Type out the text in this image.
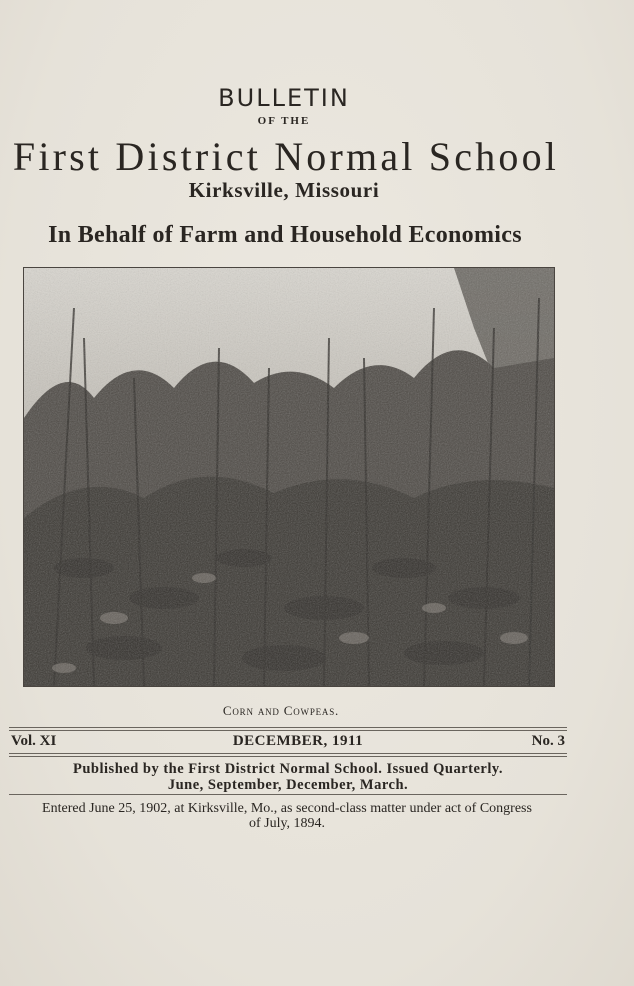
BULLETIN
OF THE
First District Normal School
Kirksville, Missouri
In Behalf of Farm and Household Economics
Corn and Cowpeas.
Vol. XI	DECEMBER, 1911	No. 3
Published by the First District Normal School. Issued Quarterly.
June, September, December, March.
Entered June 25, 1902, at Kirksville, Mo., as second-class matter under act of Congress
of July, 1894.
